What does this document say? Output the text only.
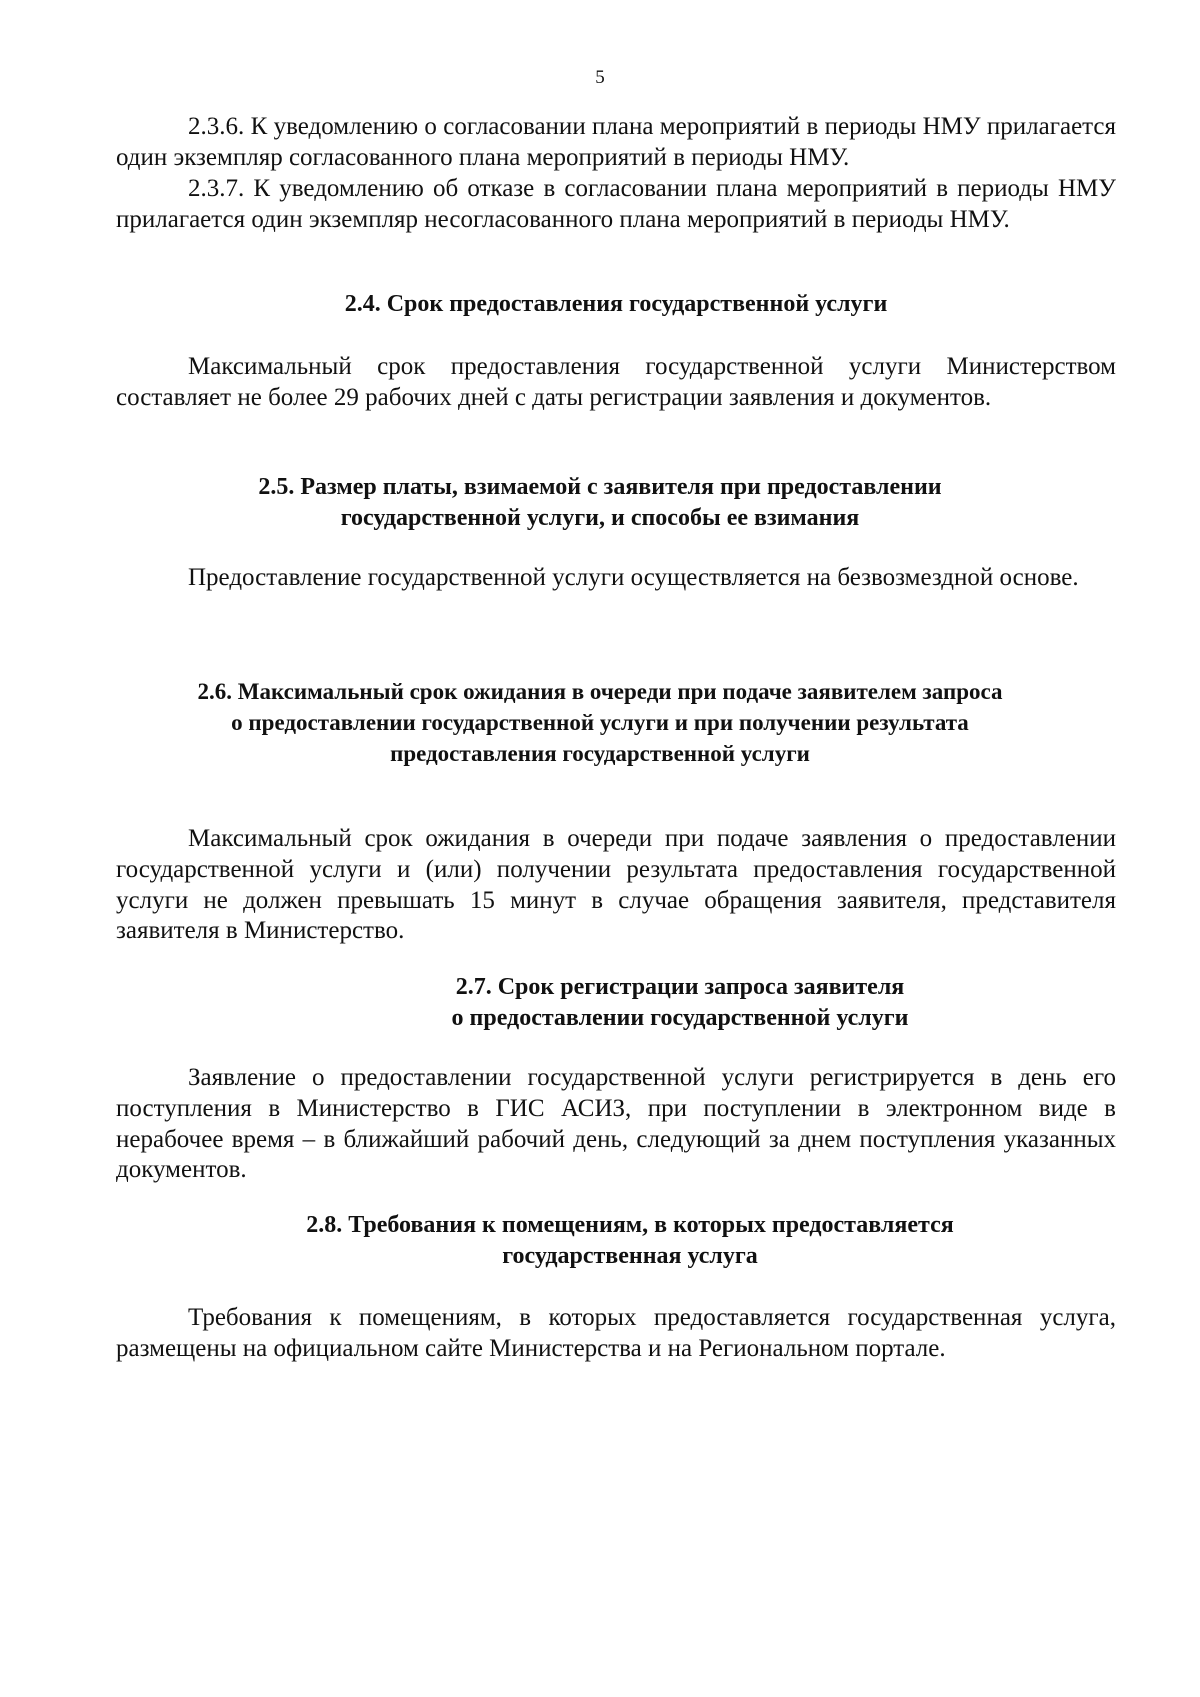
5

2.3.6. К уведомлению о согласовании плана мероприятий в периоды НМУ прилагается один экземпляр согласованного плана мероприятий в периоды НМУ.

2.3.7. К уведомлению об отказе в согласовании плана мероприятий в периоды НМУ прилагается один экземпляр несогласованного плана мероприятий в периоды НМУ.

2.4. Срок предоставления государственной услуги

Максимальный срок предоставления государственной услуги Министерством составляет не более 29 рабочих дней с даты регистрации заявления и документов.

2.5. Размер платы, взимаемой с заявителя при предоставлении
государственной услуги, и способы ее взимания

Предоставление государственной услуги осуществляется на безвозмездной основе.

2.6. Максимальный срок ожидания в очереди при подаче заявителем запроса
о предоставлении государственной услуги и при получении результата
предоставления государственной услуги

Максимальный срок ожидания в очереди при подаче заявления о предоставлении государственной услуги и (или) получении результата предоставления государственной услуги не должен превышать 15 минут в случае обращения заявителя, представителя заявителя в Министерство.

2.7. Срок регистрации запроса заявителя
о предоставлении государственной услуги

Заявление о предоставлении государственной услуги регистрируется в день его поступления в Министерство в ГИС АСИЗ, при поступлении в электронном виде в нерабочее время – в ближайший рабочий день, следующий за днем поступления указанных документов.

2.8. Требования к помещениям, в которых предоставляется
государственная услуга

Требования к помещениям, в которых предоставляется государственная услуга, размещены на официальном сайте Министерства и на Региональном портале.
